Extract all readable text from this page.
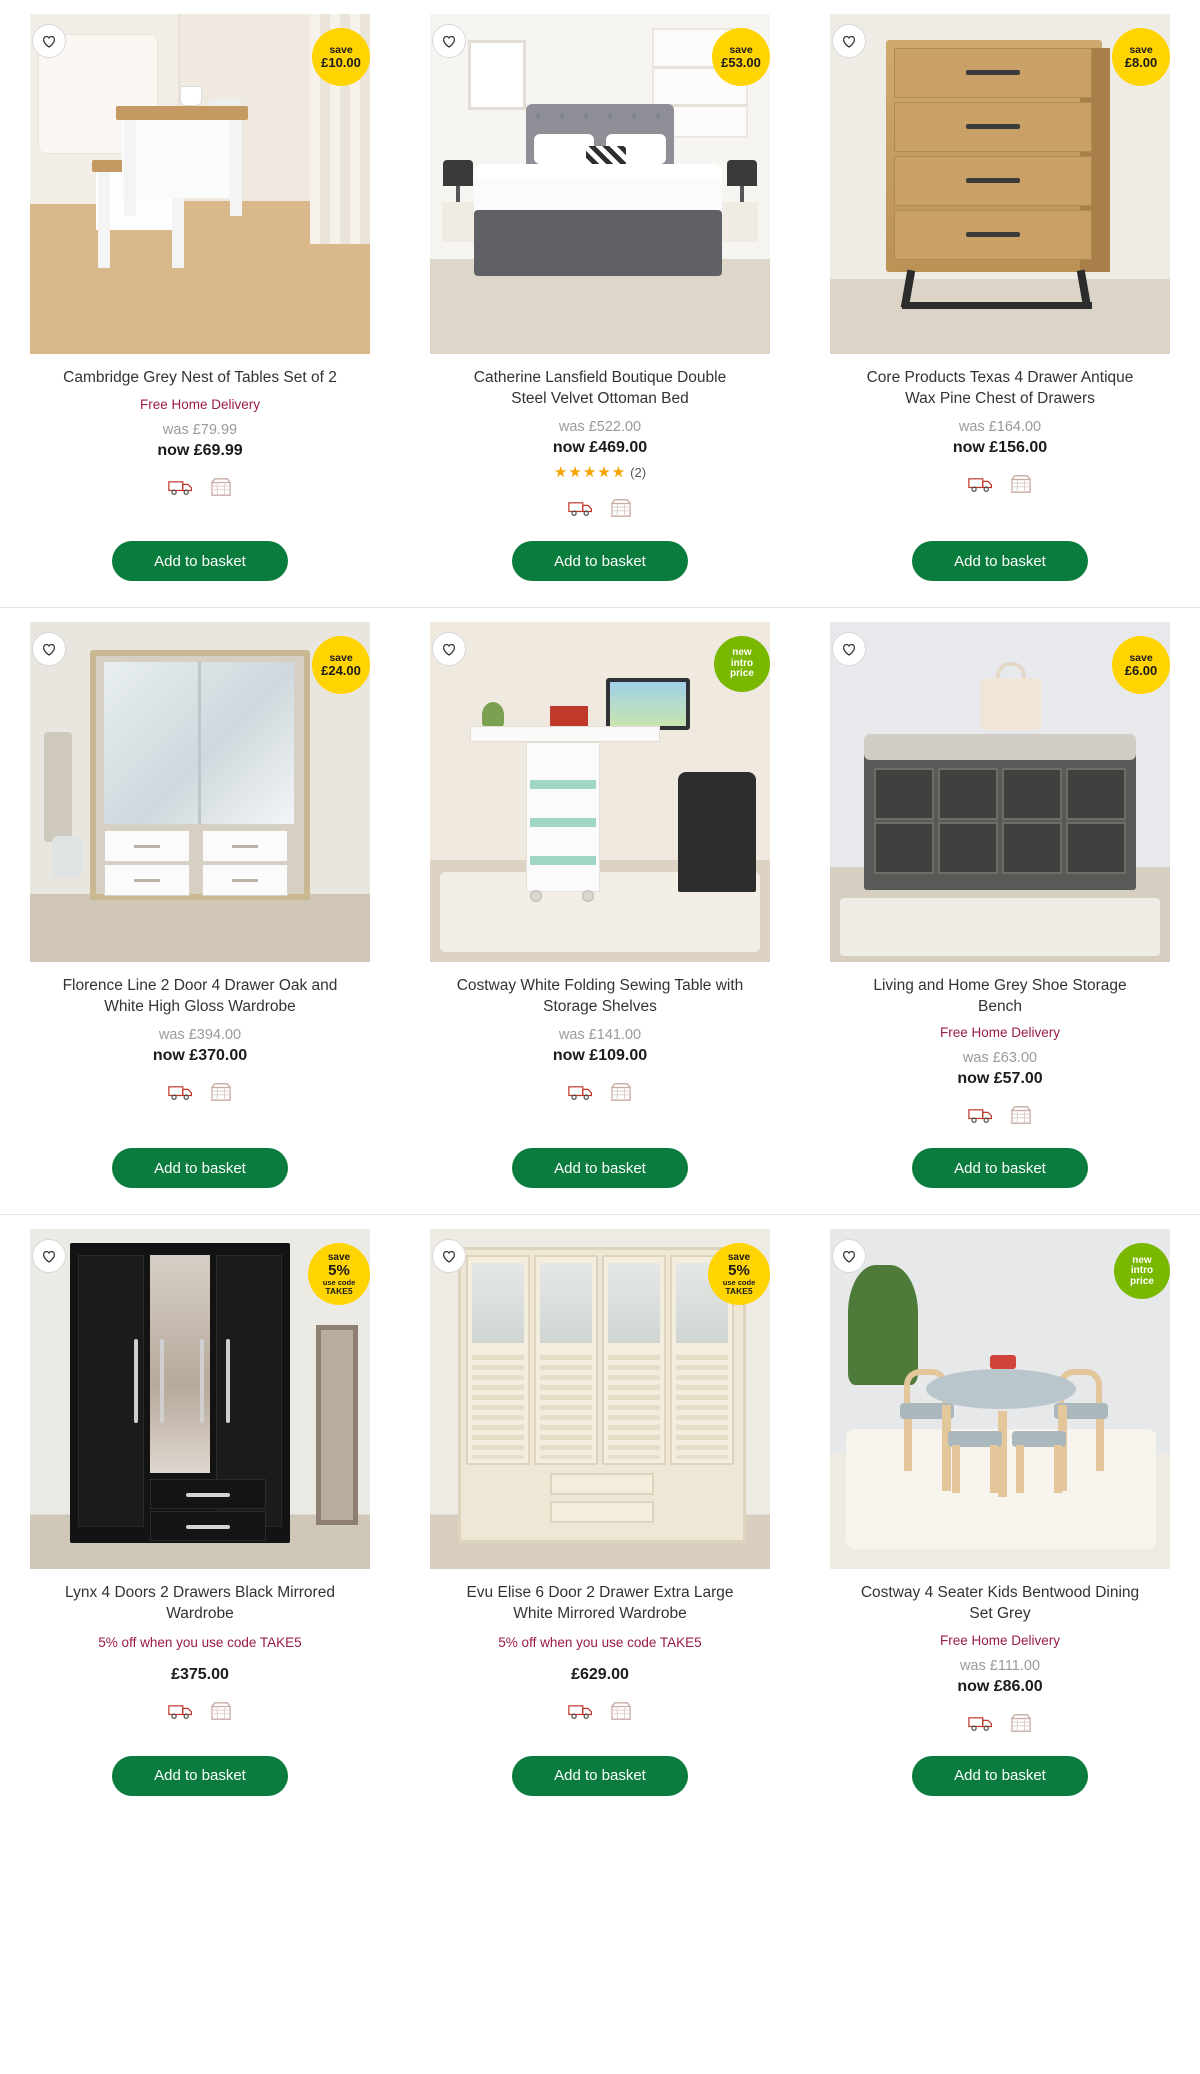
save
£10.00
Cambridge Grey Nest of Tables Set of 2
Free Home Delivery
was £79.99
now £69.99
Add to basket
save
£53.00
Catherine Lansfield Boutique Double Steel Velvet Ottoman Bed
was £522.00
now £469.00
★★★★★ (2)
Add to basket
save
£8.00
Core Products Texas 4 Drawer Antique Wax Pine Chest of Drawers
was £164.00
now £156.00
Add to basket
save
£24.00
Florence Line 2 Door 4 Drawer Oak and White High Gloss Wardrobe
was £394.00
now £370.00
Add to basket
new
intro
price
Costway White Folding Sewing Table with Storage Shelves
was £141.00
now £109.00
Add to basket
save
£6.00
Living and Home Grey Shoe Storage Bench
Free Home Delivery
was £63.00
now £57.00
Add to basket
save
5%
use code
TAKE5
Lynx 4 Doors 2 Drawers Black Mirrored Wardrobe
5% off when you use code TAKE5
£375.00
Add to basket
save
5%
use code
TAKE5
Evu Elise 6 Door 2 Drawer Extra Large White Mirrored Wardrobe
5% off when you use code TAKE5
£629.00
Add to basket
new
intro
price
Costway 4 Seater Kids Bentwood Dining Set Grey
Free Home Delivery
was £111.00
now £86.00
Add to basket
